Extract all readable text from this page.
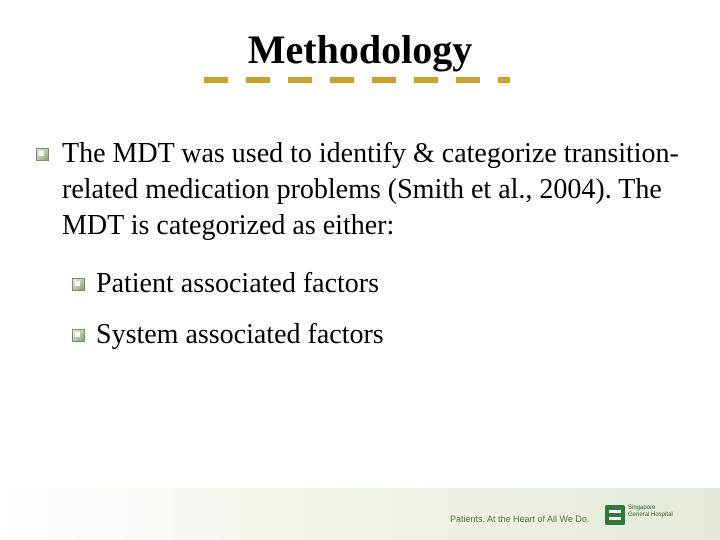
Methodology
The MDT was used to identify & categorize transition-related medication problems (Smith et al., 2004). The MDT is categorized as either:
Patient associated factors
System associated factors
Patients. At the Heart of All We Do.
Singapore
General Hospital
